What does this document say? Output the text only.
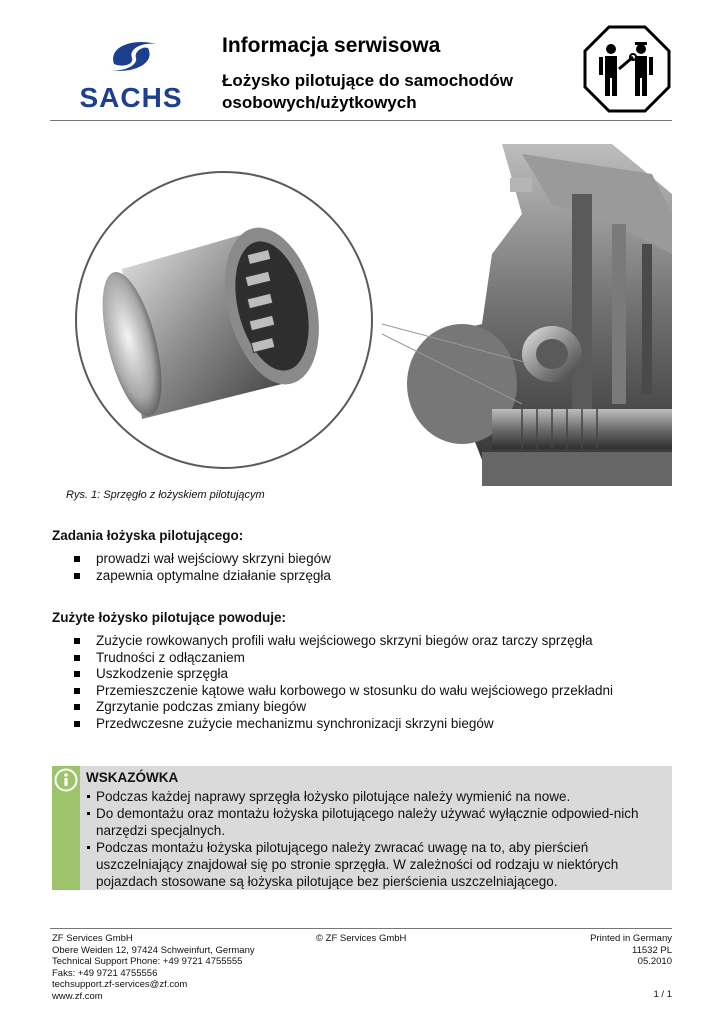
SACHS
Informacja serwisowa
Łożysko pilotujące do samochodów
osobowych/użytkowych
Rys. 1: Sprzęgło z łożyskiem pilotującym
Zadania łożyska pilotującego:
prowadzi wał wejściowy skrzyni biegów
zapewnia optymalne działanie sprzęgła
Zużyte łożysko pilotujące powoduje:
Zużycie rowkowanych profili wału wejściowego skrzyni biegów oraz tarczy sprzęgła
Trudności z odłączaniem
Uszkodzenie sprzęgła
Przemieszczenie kątowe wału korbowego w stosunku do wału wejściowego przekładni
Zgrzytanie podczas zmiany biegów
Przedwczesne zużycie mechanizmu synchronizacji skrzyni biegów
WSKAZÓWKA
Podczas każdej naprawy sprzęgła łożysko pilotujące należy wymienić na nowe.
Do demontażu oraz montażu łożyska pilotującego należy używać wyłącznie odpowied-nich narzędzi specjalnych.
Podczas montażu łożyska pilotującego należy zwracać uwagę na to, aby pierścień uszczelniający znajdował się po stronie sprzęgła. W zależności od rodzaju w niektórych pojazdach stosowane są łożyska pilotujące bez pierścienia uszczelniającego.
ZF Services GmbH
Obere Weiden 12, 97424 Schweinfurt, Germany
Technical Support Phone: +49 9721 4755555
Faks: +49 9721 4755556
techsupport.zf-services@zf.com
www.zf.com
© ZF Services GmbH	Printed in Germany
11532 PL
05.2010
1 / 1
